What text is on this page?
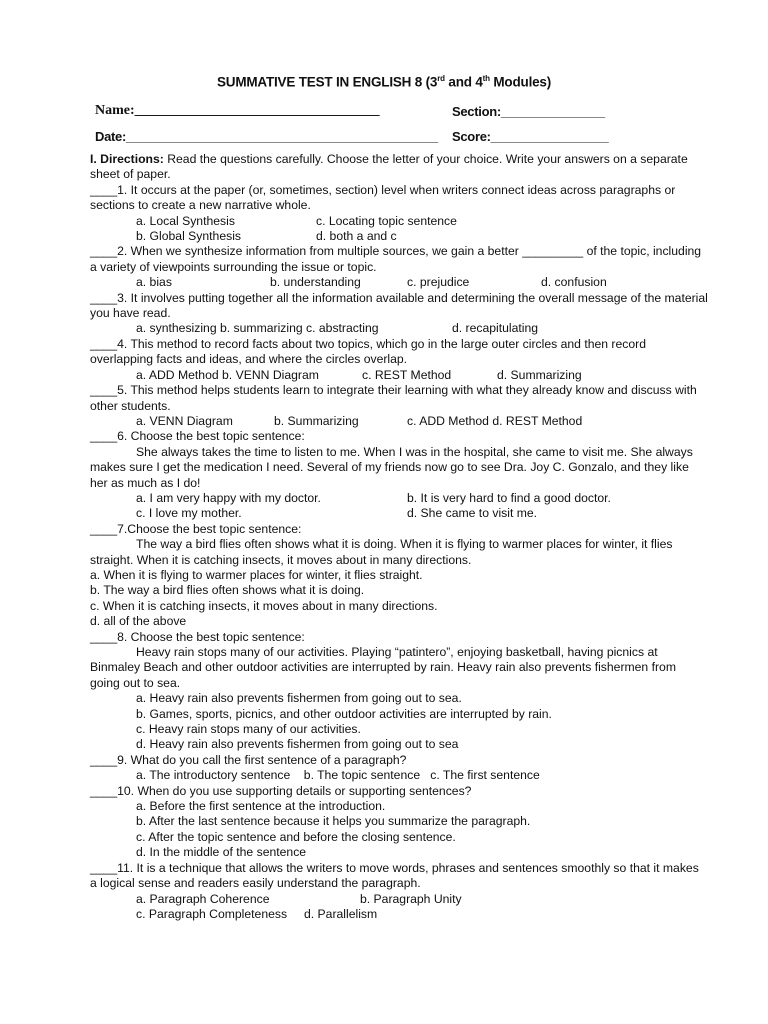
SUMMATIVE TEST IN ENGLISH 8 (3rd and 4th Modules)
Name:___________________________________	Section:_______________
Date:_____________________________________________ Score:_________________

I. Directions: Read the questions carefully. Choose the letter of your choice. Write your answers on a separate sheet of paper.

____1. It occurs at the paper (or, sometimes, section) level when writers connect ideas across paragraphs or sections to create a new narrative whole.

a. Local Synthesis	c. Locating topic sentence
b. Global Synthesis	d. both a and c

____2. When we synthesize information from multiple sources, we gain a better _________ of the topic, including a variety of viewpoints surrounding the issue or topic.

a. bias	b. understanding	c. prejudice	d. confusion

____3. It involves putting together all the information available and determining the overall message of the material you have read.

a. synthesizing b. summarizing c. abstracting	d. recapitulating

____4. This method to record facts about two topics, which go in the large outer circles and then record overlapping facts and ideas, and where the circles overlap.

a. ADD Method b. VENN Diagram	c. REST Method	d. Summarizing

____5. This method helps students learn to integrate their learning with what they already know and discuss with other students.

a. VENN Diagram	b. Summarizing	c. ADD Method d. REST Method

____6. Choose the best topic sentence:

She always takes the time to listen to me. When I was in the hospital, she came to visit me. She always makes sure I get the medication I need. Several of my friends now go to see Dra. Joy C. Gonzalo, and they like her as much as I do!

a. I am very happy with my doctor.	b. It is very hard to find a good doctor.
c. I love my mother.	d. She came to visit me.

____7.Choose the best topic sentence:

The way a bird flies often shows what it is doing. When it is flying to warmer places for winter, it flies straight. When it is catching insects, it moves about in many directions.

a. When it is flying to warmer places for winter, it flies straight.

b. The way a bird flies often shows what it is doing.

c. When it is catching insects, it moves about in many directions.

d. all of the above

____8. Choose the best topic sentence:

Heavy rain stops many of our activities. Playing “patintero”, enjoying basketball, having picnics at Binmaley Beach and other outdoor activities are interrupted by rain. Heavy rain also prevents fishermen from going out to sea.

a. Heavy rain also prevents fishermen from going out to sea.

b. Games, sports, picnics, and other outdoor activities are interrupted by rain.

c. Heavy rain stops many of our activities.

d. Heavy rain also prevents fishermen from going out to sea

____9. What do you call the first sentence of a paragraph?

a. The introductory sentence    b. The topic sentence   c. The first sentence

____10. When do you use supporting details or supporting sentences?

a. Before the first sentence at the introduction.

b. After the last sentence because it helps you summarize the paragraph.

c. After the topic sentence and before the closing sentence.

d. In the middle of the sentence

____11. It is a technique that allows the writers to move words, phrases and sentences smoothly so that it makes a logical sense and readers easily understand the paragraph.

a. Paragraph Coherence	b. Paragraph Unity
c. Paragraph Completeness     d. Parallelism
